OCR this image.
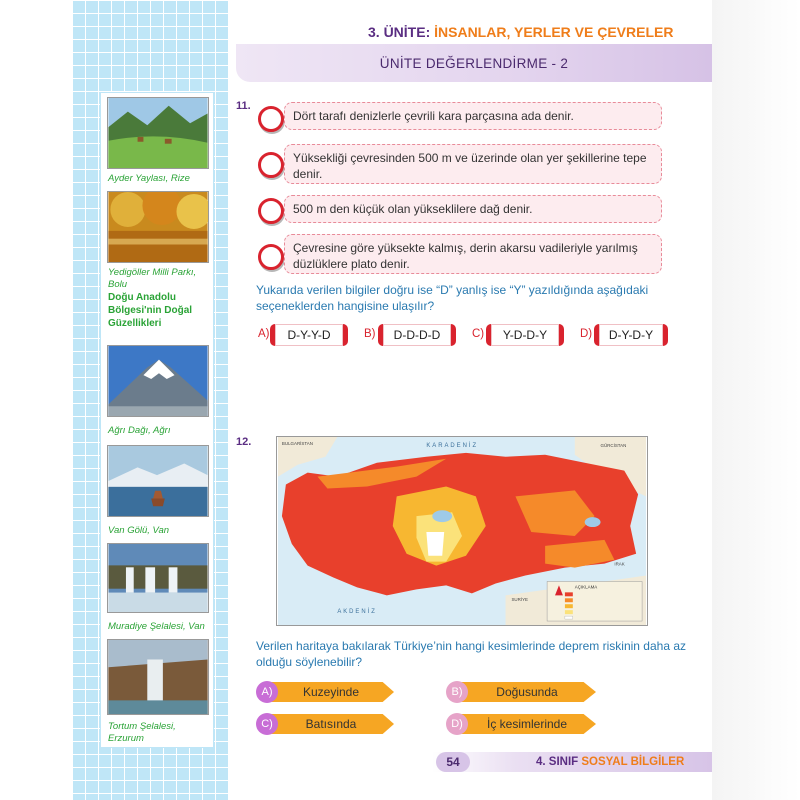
Ayder Yaylası, Rize
Yedigöller Milli Parkı, Bolu
Doğu Anadolu Bölgesi'nin Doğal Güzellikleri
Ağrı Dağı, Ağrı
Van Gölü, Van
Muradiye Şelalesi, Van
Tortum Şelalesi, Erzurum
3. ÜNİTE: İNSANLAR, YERLER VE ÇEVRELER
ÜNİTE DEĞERLENDİRME - 2
11.
Dört tarafı denizlerle çevrili kara parçasına ada denir.
Yüksekliği çevresinden 500 m ve üzerinde olan yer şekillerine tepe denir.
500 m den küçük olan yükseklilere dağ denir.
Çevresine göre yüksekte kalmış, derin akarsu vadileriyle yarılmış düzlüklere plato denir.
Yukarıda verilen bilgiler doğru ise “D” yanlış ise “Y” yazıldığında aşağıdaki seçeneklerden hangisine ulaşılır?
A)	D-Y-Y-D	B)	D-D-D-D	C)	Y-D-D-Y	D)	D-Y-D-Y
12.	KARADENİZ
AKDENİZ
BULGARİSTAN	GÜRCİSTAN
SURİYE
IRAK
AÇIKLAMA
Verilen haritaya bakılarak Türkiye’nin hangi kesimlerinde deprem riskinin daha az olduğu söylenebilir?
Kuzeyinde
A)	Doğusunda
B)
Batısında
C)	İç kesimlerinde
D)
54	4. SINIF SOSYAL BİLGİLER
